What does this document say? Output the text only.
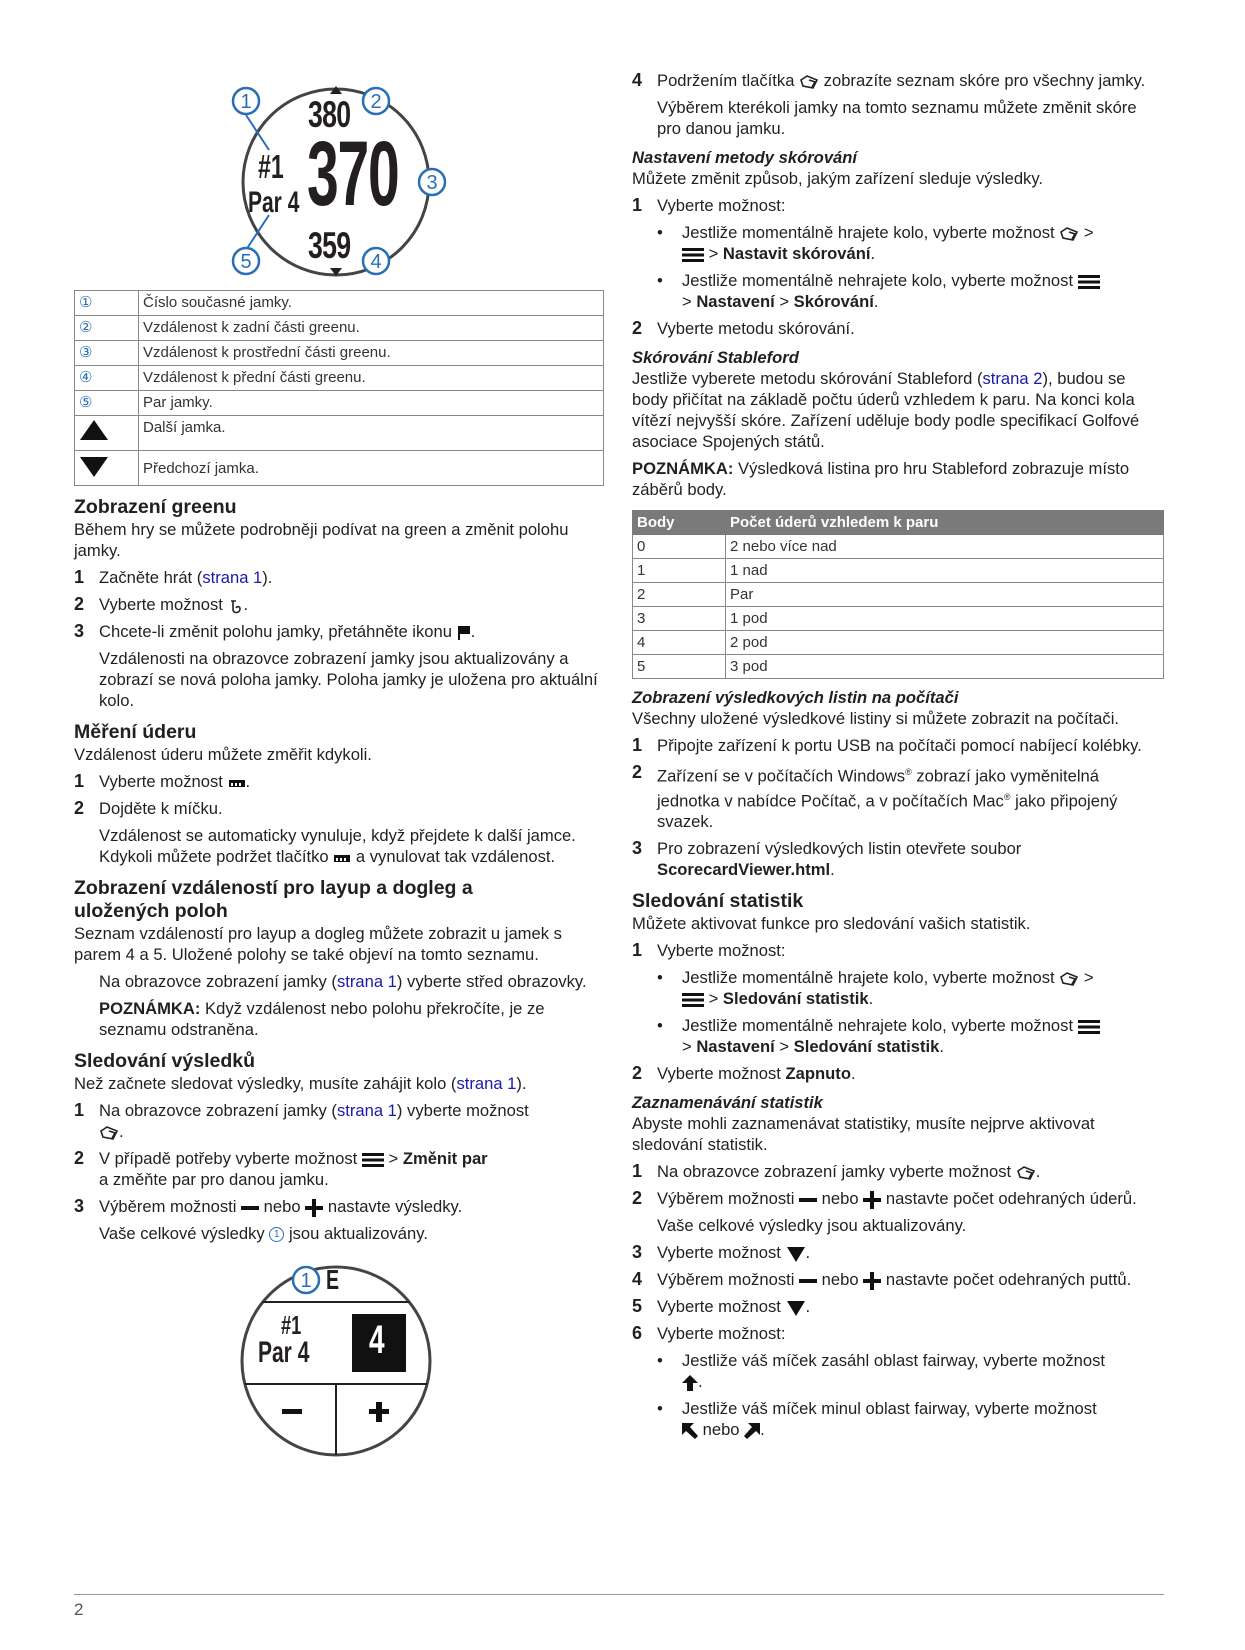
1	2
3
4
5
380
370
359
#1
Par 4
①	Číslo současné jamky.
②	Vzdálenost k zadní části greenu.
③	Vzdálenost k prostřední části greenu.
④	Vzdálenost k přední části greenu.
⑤	Par jamky.
	Další jamka.
	Předchozí jamka.

Zobrazení greenu

Během hry se můžete podrobněji podívat na green a změnit polohu jamky.

1 Začněte hrát (strana 1).
2 Vyberte možnost .
3 Chcete-li změnit polohu jamky, přetáhněte ikonu .

Vzdálenosti na obrazovce zobrazení jamky jsou aktualizovány a zobrazí se nová poloha jamky. Poloha jamky je uložena pro aktuální kolo.

Měření úderu

Vzdálenost úderu můžete změřit kdykoli.

1 Vyberte možnost .
2 Dojděte k míčku.

Vzdálenost se automaticky vynuluje, když přejdete k další jamce. Kdykoli můžete podržet tlačítko a vynulovat tak vzdálenost.

Zobrazení vzdáleností pro layup a dogleg a uložených poloh

Seznam vzdáleností pro layup a dogleg můžete zobrazit u jamek s parem 4 a 5. Uložené polohy se také objeví na tomto seznamu.

Na obrazovce zobrazení jamky (strana 1) vyberte střed obrazovky.

POZNÁMKA: Když vzdálenost nebo polohu překročíte, je ze seznamu odstraněna.

Sledování výsledků

Než začnete sledovat výsledky, musíte zahájit kolo (strana 1).

1 Na obrazovce zobrazení jamky (strana 1) vyberte možnost
.
2 V případě potřeby vyberte možnost  > Změnit par
a změňte par pro danou jamku.
3 Výběrem možnosti nebo nastavte výsledky.

Vaše celkové výsledky 1 jsou aktualizovány.

1 E
#1
Par 4 4
4 Podržením tlačítka zobrazíte seznam skóre pro všechny jamky.

Výběrem kterékoli jamky na tomto seznamu můžete změnit skóre pro danou jamku.

Nastavení metody skórování

Můžete změnit způsob, jakým zařízení sleduje výsledky.

1 Vyberte možnost:
• Jestliže momentálně hrajete kolo, vyberte možnost  >
> Nastavit skórování.
• Jestliže momentálně nehrajete kolo, vyberte možnost
> Nastavení > Skórování.
2 Vyberte metodu skórování.

Skórování Stableford

Jestliže vyberete metodu skórování Stableford (strana 2), budou se body přičítat na základě počtu úderů vzhledem k paru. Na konci kola vítězí nejvyšší skóre. Zařízení uděluje body podle specifikací Golfové asociace Spojených států.

POZNÁMKA: Výsledková listina pro hru Stableford zobrazuje místo záběrů body.

Body	Počet úderů vzhledem k paru
0	2 nebo více nad
1	1 nad
2	Par
3	1 pod
4	2 pod
5	3 pod

Zobrazení výsledkových listin na počítači

Všechny uložené výsledkové listiny si můžete zobrazit na počítači.

1 Připojte zařízení k portu USB na počítači pomocí nabíjecí kolébky.
2 Zařízení se v počítačích Windows® zobrazí jako vyměnitelná jednotka v nabídce Počítač, a v počítačích Mac® jako připojený svazek.
3 Pro zobrazení výsledkových listin otevřete soubor
ScorecardViewer.html.

Sledování statistik

Můžete aktivovat funkce pro sledování vašich statistik.

1 Vyberte možnost:
• Jestliže momentálně hrajete kolo, vyberte možnost  >
> Sledování statistik.
• Jestliže momentálně nehrajete kolo, vyberte možnost
> Nastavení > Sledování statistik.
2 Vyberte možnost Zapnuto.

Zaznamenávání statistik

Abyste mohli zaznamenávat statistiky, musíte nejprve aktivovat sledování statistik.

1 Na obrazovce zobrazení jamky vyberte možnost .
2 Výběrem možnosti nebo nastavte počet odehraných úderů.

Vaše celkové výsledky jsou aktualizovány.

3 Vyberte možnost .
4 Výběrem možnosti nebo nastavte počet odehraných puttů.
5 Vyberte možnost .
6 Vyberte možnost:
• Jestliže váš míček zasáhl oblast fairway, vyberte možnost
.
• Jestliže váš míček minul oblast fairway, vyberte možnost
nebo .
2
